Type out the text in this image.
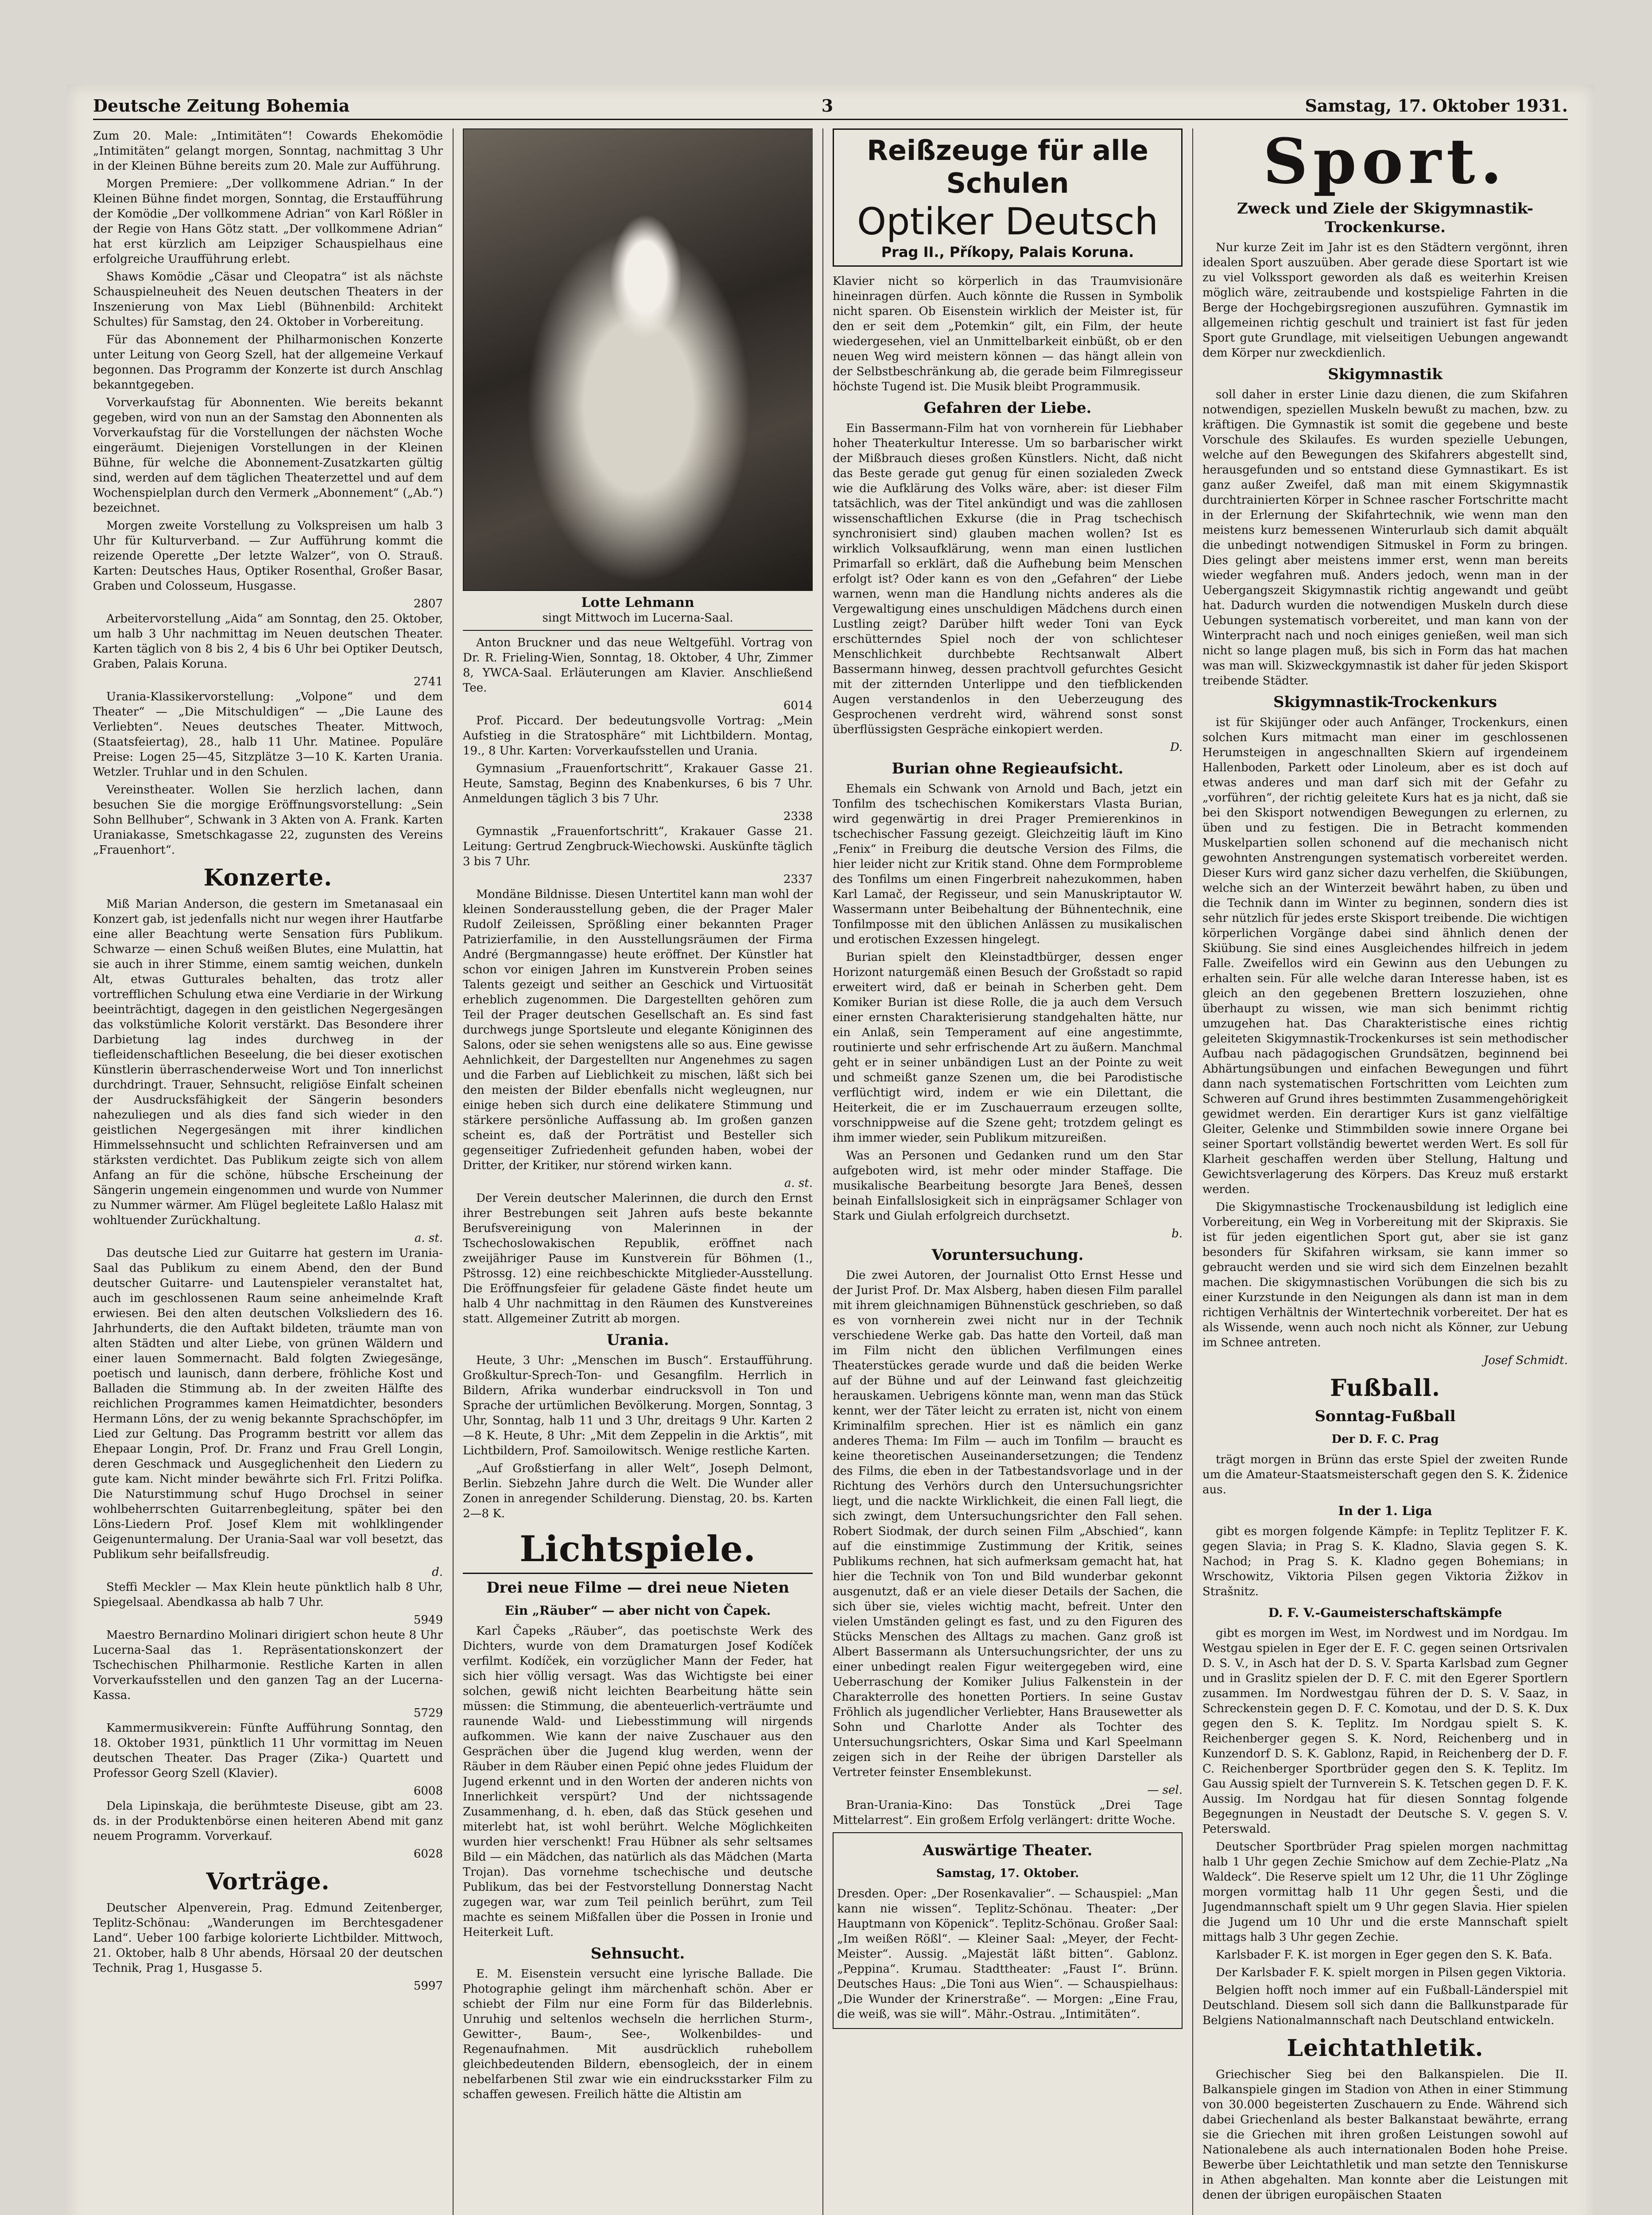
Deutsche Zeitung Bohemia	3	Samstag, 17. Oktober 1931.

Zum 20. Male: „Intimitäten“! Cowards Ehekomödie „Intimitäten“ gelangt morgen, Sonntag, nachmittag 3 Uhr in der Kleinen Bühne bereits zum 20. Male zur Aufführung.

Morgen Premiere: „Der vollkommene Adrian.“ In der Kleinen Bühne findet morgen, Sonntag, die Erstaufführung der Komödie „Der vollkommene Adrian“ von Karl Rößler in der Regie von Hans Götz statt. „Der vollkommene Adrian“ hat erst kürzlich am Leipziger Schauspielhaus eine erfolgreiche Uraufführung erlebt.

Shaws Komödie „Cäsar und Cleopatra“ ist als nächste Schauspielneuheit des Neuen deutschen Theaters in der Inszenierung von Max Liebl (Bühnenbild: Architekt Schultes) für Samstag, den 24. Oktober in Vorbereitung.

Für das Abonnement der Philharmonischen Konzerte unter Leitung von Georg Szell, hat der allgemeine Verkauf begonnen. Das Programm der Konzerte ist durch Anschlag bekanntgegeben.

Vorverkaufstag für Abonnenten. Wie bereits bekannt gegeben, wird von nun an der Samstag den Abonnenten als Vorverkaufstag für die Vorstellungen der nächsten Woche eingeräumt. Diejenigen Vorstellungen in der Kleinen Bühne, für welche die Abonnement-Zusatzkarten gültig sind, werden auf dem täglichen Theaterzettel und auf dem Wochenspielplan durch den Vermerk „Abonnement“ („Ab.“) bezeichnet.

Morgen zweite Vorstellung zu Volkspreisen um halb 3 Uhr für Kulturverband. — Zur Aufführung kommt die reizende Operette „Der letzte Walzer“, von O. Strauß. Karten: Deutsches Haus, Optiker Rosenthal, Großer Basar, Graben und Colosseum, Husgasse.

2807

Arbeitervorstellung „Aida“ am Sonntag, den 25. Oktober, um halb 3 Uhr nachmittag im Neuen deutschen Theater. Karten täglich von 8 bis 2, 4 bis 6 Uhr bei Optiker Deutsch, Graben, Palais Koruna.

2741

Urania-Klassikervorstellung: „Volpone“ und dem Theater“ — „Die Mitschuldigen“ — „Die Laune des Verliebten“. Neues deutsches Theater. Mittwoch, (Staatsfeiertag), 28., halb 11 Uhr. Matinee. Populäre Preise: Logen 25—45, Sitzplätze 3—10 K. Karten Urania. Wetzler. Truhlar und in den Schulen.

Vereinstheater. Wollen Sie herzlich lachen, dann besuchen Sie die morgige Eröffnungsvorstellung: „Sein Sohn Bellhuber“, Schwank in 3 Akten von A. Frank. Karten Uraniakasse, Smetschkagasse 22, zugunsten des Vereins „Frauenhort“.

Konzerte.

Miß Marian Anderson, die gestern im Smetanasaal ein Konzert gab, ist jedenfalls nicht nur wegen ihrer Hautfarbe eine aller Beachtung werte Sensation fürs Publikum. Schwarze — einen Schuß weißen Blutes, eine Mulattin, hat sie auch in ihrer Stimme, einem samtig weichen, dunkeln Alt, etwas Gutturales behalten, das trotz aller vortrefflichen Schulung etwa eine Verdiarie in der Wirkung beeinträchtigt, dagegen in den geistlichen Negergesängen das volkstümliche Kolorit verstärkt. Das Besondere ihrer Darbietung lag indes durchweg in der tiefleidenschaftlichen Beseelung, die bei dieser exotischen Künstlerin überraschenderweise Wort und Ton innerlichst durchdringt. Trauer, Sehnsucht, religiöse Einfalt scheinen der Ausdrucksfähigkeit der Sängerin besonders nahezuliegen und als dies fand sich wieder in den geistlichen Negergesängen mit ihrer kindlichen Himmelssehnsucht und schlichten Refrainversen und am stärksten verdichtet. Das Publikum zeigte sich von allem Anfang an für die schöne, hübsche Erscheinung der Sängerin ungemein eingenommen und wurde von Nummer zu Nummer wärmer. Am Flügel begleitete Laßlo Halasz mit wohltuender Zurückhaltung.

a. st.

Das deutsche Lied zur Guitarre hat gestern im Urania-Saal das Publikum zu einem Abend, den der Bund deutscher Guitarre- und Lautenspieler veranstaltet hat, auch im geschlossenen Raum seine anheimelnde Kraft erwiesen. Bei den alten deutschen Volksliedern des 16. Jahrhunderts, die den Auftakt bildeten, träumte man von alten Städten und alter Liebe, von grünen Wäldern und einer lauen Sommernacht. Bald folgten Zwiegesänge, poetisch und launisch, dann derbere, fröhliche Kost und Balladen die Stimmung ab. In der zweiten Hälfte des reichlichen Programmes kamen Heimatdichter, besonders Hermann Löns, der zu wenig bekannte Sprachschöpfer, im Lied zur Geltung. Das Programm bestritt vor allem das Ehepaar Longin, Prof. Dr. Franz und Frau Grell Longin, deren Geschmack und Ausgeglichenheit den Liedern zu gute kam. Nicht minder bewährte sich Frl. Fritzi Polifka. Die Naturstimmung schuf Hugo Drochsel in seiner wohlbeherrschten Guitarrenbegleitung, später bei den Löns-Liedern Prof. Josef Klem mit wohlklingender Geigenuntermalung. Der Urania-Saal war voll besetzt, das Publikum sehr beifallsfreudig.

d.

Steffi Meckler — Max Klein heute pünktlich halb 8 Uhr, Spiegelsaal. Abendkassa ab halb 7 Uhr.

5949

Maestro Bernardino Molinari dirigiert schon heute 8 Uhr Lucerna-Saal das 1. Repräsentationskonzert der Tschechischen Philharmonie. Restliche Karten in allen Vorverkaufsstellen und den ganzen Tag an der Lucerna-Kassa.

5729

Kammermusikverein: Fünfte Aufführung Sonntag, den 18. Oktober 1931, pünktlich 11 Uhr vormittag im Neuen deutschen Theater. Das Prager (Zika-) Quartett und Professor Georg Szell (Klavier).

6008

Dela Lipinskaja, die berühmteste Diseuse, gibt am 23. ds. in der Produktenbörse einen heiteren Abend mit ganz neuem Programm. Vorverkauf.

6028
Vorträge.

Deutscher Alpenverein, Prag. Edmund Zeitenberger, Teplitz-Schönau: „Wanderungen im Berchtesgadener Land“. Ueber 100 farbige kolorierte Lichtbilder. Mittwoch, 21. Oktober, halb 8 Uhr abends, Hörsaal 20 der deutschen Technik, Prag 1, Husgasse 5.

5997
Lotte Lehmann
singt Mittwoch im Lucerna-Saal.

Anton Bruckner und das neue Weltgefühl. Vortrag von Dr. R. Frieling-Wien, Sonntag, 18. Oktober, 4 Uhr, Zimmer 8, YWCA-Saal. Erläuterungen am Klavier. Anschließend Tee.

6014

Prof. Piccard. Der bedeutungsvolle Vortrag: „Mein Aufstieg in die Stratosphäre“ mit Lichtbildern. Montag, 19., 8 Uhr. Karten: Vorverkaufsstellen und Urania.

Gymnasium „Frauenfortschritt“, Krakauer Gasse 21. Heute, Samstag, Beginn des Knabenkurses, 6 bis 7 Uhr. Anmeldungen täglich 3 bis 7 Uhr.

2338

Gymnastik „Frauenfortschritt“, Krakauer Gasse 21. Leitung: Gertrud Zengbruck-Wiechowski. Auskünfte täglich 3 bis 7 Uhr.

2337

Mondäne Bildnisse. Diesen Untertitel kann man wohl der kleinen Sonderausstellung geben, die der Prager Maler Rudolf Zeileissen, Sprößling einer bekannten Prager Patrizierfamilie, in den Ausstellungsräumen der Firma André (Bergmanngasse) heute eröffnet. Der Künstler hat schon vor einigen Jahren im Kunstverein Proben seines Talents gezeigt und seither an Geschick und Virtuosität erheblich zugenommen. Die Dargestellten gehören zum Teil der Prager deutschen Gesellschaft an. Es sind fast durchwegs junge Sportsleute und elegante Königinnen des Salons, oder sie sehen wenigstens alle so aus. Eine gewisse Aehnlichkeit, der Dargestellten nur Angenehmes zu sagen und die Farben auf Lieblichkeit zu mischen, läßt sich bei den meisten der Bilder ebenfalls nicht wegleugnen, nur einige heben sich durch eine delikatere Stimmung und stärkere persönliche Auffassung ab. Im großen ganzen scheint es, daß der Porträtist und Besteller sich gegenseitiger Zufriedenheit gefunden haben, wobei der Dritter, der Kritiker, nur störend wirken kann.

a. st.

Der Verein deutscher Malerinnen, die durch den Ernst ihrer Bestrebungen seit Jahren aufs beste bekannte Berufsvereinigung von Malerinnen in der Tschechoslowakischen Republik, eröffnet nach zweijähriger Pause im Kunstverein für Böhmen (1., Pštrossg. 12) eine reichbeschickte Mitglieder-Ausstellung. Die Eröffnungsfeier für geladene Gäste findet heute um halb 4 Uhr nachmittag in den Räumen des Kunstvereines statt. Allgemeiner Zutritt ab morgen.

Urania.

Heute, 3 Uhr: „Menschen im Busch“. Erstaufführung. Großkultur-Sprech-Ton- und Gesangfilm. Herrlich in Bildern, Afrika wunderbar eindrucksvoll in Ton und Sprache der urtümlichen Bevölkerung. Morgen, Sonntag, 3 Uhr, Sonntag, halb 11 und 3 Uhr, dreitags 9 Uhr. Karten 2—8 K. Heute, 8 Uhr: „Mit dem Zeppelin in die Arktis“, mit Lichtbildern, Prof. Samoilowitsch. Wenige restliche Karten.

„Auf Großstierfang in aller Welt“, Joseph Delmont, Berlin. Siebzehn Jahre durch die Welt. Die Wunder aller Zonen in anregender Schilderung. Dienstag, 20. bs. Karten 2—8 K.

Lichtspiele.
Drei neue Filme — drei neue Nieten
Ein „Räuber“ — aber nicht von Čapek.

Karl Čapeks „Räuber“, das poetischste Werk des Dichters, wurde von dem Dramaturgen Josef Kodíček verfilmt. Kodíček, ein vorzüglicher Mann der Feder, hat sich hier völlig versagt. Was das Wichtigste bei einer solchen, gewiß nicht leichten Bearbeitung hätte sein müssen: die Stimmung, die abenteuerlich-verträumte und raunende Wald- und Liebesstimmung will nirgends aufkommen. Wie kann der naive Zuschauer aus den Gesprächen über die Jugend klug werden, wenn der Räuber in dem Räuber einen Pepić ohne jedes Fluidum der Jugend erkennt und in den Worten der anderen nichts von Innerlichkeit verspürt? Und der nichtssagende Zusammenhang, d. h. eben, daß das Stück gesehen und miterlebt hat, ist wohl berührt. Welche Möglichkeiten wurden hier verschenkt! Frau Hübner als sehr seltsames Bild — ein Mädchen, das natürlich als das Mädchen (Marta Trojan). Das vornehme tschechische und deutsche Publikum, das bei der Festvorstellung Donnerstag Nacht zugegen war, war zum Teil peinlich berührt, zum Teil machte es seinem Mißfallen über die Possen in Ironie und Heiterkeit Luft.

Sehnsucht.

E. M. Eisenstein versucht eine lyrische Ballade. Die Photographie gelingt ihm märchenhaft schön. Aber er schiebt der Film nur eine Form für das Bilderlebnis. Unruhig und seltenlos wechseln die herrlichen Sturm-, Gewitter-, Baum-, See-, Wolkenbildes- und Regenaufnahmen. Mit ausdrücklich ruhebollem gleichbedeutenden Bildern, ebensogleich, der in einem nebelfarbenen Stil zwar wie ein eindrucksstarker Film zu schaffen gewesen. Freilich hätte die Altistin am

Reißzeuge für alle Schulen
Optiker Deutsch
Prag II., Příkopy, Palais Koruna.

Klavier nicht so körperlich in das Traumvisionäre hineinragen dürfen. Auch könnte die Russen in Symbolik nicht sparen. Ob Eisenstein wirklich der Meister ist, für den er seit dem „Potemkin“ gilt, ein Film, der heute wiedergesehen, viel an Unmittelbarkeit einbüßt, ob er den neuen Weg wird meistern können — das hängt allein von der Selbstbeschränkung ab, die gerade beim Filmregisseur höchste Tugend ist. Die Musik bleibt Programmusik.

Gefahren der Liebe.

Ein Bassermann-Film hat von vornherein für Liebhaber hoher Theaterkultur Interesse. Um so barbarischer wirkt der Mißbrauch dieses großen Künstlers. Nicht, daß nicht das Beste gerade gut genug für einen sozialeden Zweck wie die Aufklärung des Volks wäre, aber: ist dieser Film tatsächlich, was der Titel ankündigt und was die zahllosen wissenschaftlichen Exkurse (die in Prag tschechisch synchronisiert sind) glauben machen wollen? Ist es wirklich Volksaufklärung, wenn man einen lustlichen Primarfall so erklärt, daß die Aufhebung beim Menschen erfolgt ist? Oder kann es von den „Gefahren“ der Liebe warnen, wenn man die Handlung nichts anderes als die Vergewaltigung eines unschuldigen Mädchens durch einen Lustling zeigt? Darüber hilft weder Toni van Eyck erschütterndes Spiel noch der von schlichteser Menschlichkeit durchbebte Rechtsanwalt Albert Bassermann hinweg, dessen prachtvoll gefurchtes Gesicht mit der zitternden Unterlippe und den tiefblickenden Augen verstandenlos in den Ueberzeugung des Gesprochenen verdreht wird, während sonst sonst überflüssigsten Gespräche einkopiert werden.

D.
Burian ohne Regieaufsicht.

Ehemals ein Schwank von Arnold und Bach, jetzt ein Tonfilm des tschechischen Komikerstars Vlasta Burian, wird gegenwärtig in drei Prager Premierenkinos in tschechischer Fassung gezeigt. Gleichzeitig läuft im Kino „Fenix“ in Freiburg die deutsche Version des Films, die hier leider nicht zur Kritik stand. Ohne dem Formprobleme des Tonfilms um einen Fingerbreit nahezukommen, haben Karl Lamač, der Regisseur, und sein Manuskriptautor W. Wassermann unter Beibehaltung der Bühnentechnik, eine Tonfilmposse mit den üblichen Anlässen zu musikalischen und erotischen Exzessen hingelegt.

Burian spielt den Kleinstadtbürger, dessen enger Horizont naturgemäß einen Besuch der Großstadt so rapid erweitert wird, daß er beinah in Scherben geht. Dem Komiker Burian ist diese Rolle, die ja auch dem Versuch einer ernsten Charakterisierung standgehalten hätte, nur ein Anlaß, sein Temperament auf eine angestimmte, routinierte und sehr erfrischende Art zu äußern. Manchmal geht er in seiner unbändigen Lust an der Pointe zu weit und schmeißt ganze Szenen um, die bei Parodistische verflüchtigt wird, indem er wie ein Dilettant, die Heiterkeit, die er im Zuschauerraum erzeugen sollte, vorschnippweise auf die Szene geht; trotzdem gelingt es ihm immer wieder, sein Publikum mitzureißen.

Was an Personen und Gedanken rund um den Star aufgeboten wird, ist mehr oder minder Staffage. Die musikalische Bearbeitung besorgte Jara Beneš, dessen beinah Einfallslosigkeit sich in einprägsamer Schlager von Stark und Giulah erfolgreich durchsetzt.

b.
Voruntersuchung.

Die zwei Autoren, der Journalist Otto Ernst Hesse und der Jurist Prof. Dr. Max Alsberg, haben diesen Film parallel mit ihrem gleichnamigen Bühnenstück geschrieben, so daß es von vornherein zwei nicht nur in der Technik verschiedene Werke gab. Das hatte den Vorteil, daß man im Film nicht den üblichen Verfilmungen eines Theaterstückes gerade wurde und daß die beiden Werke auf der Bühne und auf der Leinwand fast gleichzeitig herauskamen. Uebrigens könnte man, wenn man das Stück kennt, wer der Täter leicht zu erraten ist, nicht von einem Kriminalfilm sprechen. Hier ist es nämlich ein ganz anderes Thema: Im Film — auch im Tonfilm — braucht es keine theoretischen Auseinandersetzungen; die Tendenz des Films, die eben in der Tatbestandsvorlage und in der Richtung des Verhörs durch den Untersuchungsrichter liegt, und die nackte Wirklichkeit, die einen Fall liegt, die sich zwingt, dem Untersuchungsrichter den Fall sehen. Robert Siodmak, der durch seinen Film „Abschied“, kann auf die einstimmige Zustimmung der Kritik, seines Publikums rechnen, hat sich aufmerksam gemacht hat, hat hier die Technik von Ton und Bild wunderbar gekonnt ausgenutzt, daß er an viele dieser Details der Sachen, die sich über sie, vieles wichtig macht, befreit. Unter den vielen Umständen gelingt es fast, und zu den Figuren des Stücks Menschen des Alltags zu machen. Ganz groß ist Albert Bassermann als Untersuchungsrichter, der uns zu einer unbedingt realen Figur weitergegeben wird, eine Ueberraschung der Komiker Julius Falkenstein in der Charakterrolle des honetten Portiers. In seine Gustav Fröhlich als jugendlicher Verliebter, Hans Brausewetter als Sohn und Charlotte Ander als Tochter des Untersuchungsrichters, Oskar Sima und Karl Speelmann zeigen sich in der Reihe der übrigen Darsteller als Vertreter feinster Ensemblekunst.

— sel.

Bran-Urania-Kino: Das Tonstück „Drei Tage Mittelarrest“. Ein großem Erfolg verlängert: dritte Woche.

Auswärtige Theater.
Samstag, 17. Oktober.

Dresden. Oper: „Der Rosenkavalier“. — Schauspiel: „Man kann nie wissen“. Teplitz-Schönau. Theater: „Der Hauptmann von Köpenick“. Teplitz-Schönau. Großer Saal: „Im weißen Rößl“. — Kleiner Saal: „Meyer, der Fecht-Meister“. Aussig. „Majestät läßt bitten“. Gablonz. „Peppina“. Krumau. Stadttheater: „Faust I“. Brünn. Deutsches Haus: „Die Toni aus Wien“. — Schauspielhaus: „Die Wunder der Krinerstraße“. — Morgen: „Eine Frau, die weiß, was sie will“. Mähr.-Ostrau. „Intimitäten“.

Sport.
Zweck und Ziele der Skigymnastik-Trockenkurse.

Nur kurze Zeit im Jahr ist es den Städtern vergönnt, ihren idealen Sport auszuüben. Aber gerade diese Sportart ist wie zu viel Volkssport geworden als daß es weiterhin Kreisen möglich wäre, zeitraubende und kostspielige Fahrten in die Berge der Hochgebirgsregionen auszuführen. Gymnastik im allgemeinen richtig geschult und trainiert ist fast für jeden Sport gute Grundlage, mit vielseitigen Uebungen angewandt dem Körper nur zweckdienlich.

Skigymnastik

soll daher in erster Linie dazu dienen, die zum Skifahren notwendigen, speziellen Muskeln bewußt zu machen, bzw. zu kräftigen. Die Gymnastik ist somit die gegebene und beste Vorschule des Skilaufes. Es wurden spezielle Uebungen, welche auf den Bewegungen des Skifahrers abgestellt sind, herausgefunden und so entstand diese Gymnastikart. Es ist ganz außer Zweifel, daß man mit einem Skigymnastik durchtrainierten Körper in Schnee rascher Fortschritte macht in der Erlernung der Skifahrtechnik, wie wenn man den meistens kurz bemessenen Winterurlaub sich damit abquält die unbedingt notwendigen Sitmuskel in Form zu bringen. Dies gelingt aber meistens immer erst, wenn man bereits wieder wegfahren muß. Anders jedoch, wenn man in der Uebergangszeit Skigymnastik richtig angewandt und geübt hat. Dadurch wurden die notwendigen Muskeln durch diese Uebungen systematisch vorbereitet, und man kann von der Winterpracht nach und noch einiges genießen, weil man sich nicht so lange plagen muß, bis sich in Form das hat machen was man will. Skizweckgymnastik ist daher für jeden Skisport treibende Städter.

Skigymnastik-Trockenkurs

ist für Skijünger oder auch Anfänger, Trockenkurs, einen solchen Kurs mitmacht man einer im geschlossenen Herumsteigen in angeschnallten Skiern auf irgendeinem Hallenboden, Parkett oder Linoleum, aber es ist doch auf etwas anderes und man darf sich mit der Gefahr zu „vorführen“, der richtig geleitete Kurs hat es ja nicht, daß sie bei den Skisport notwendigen Bewegungen zu erlernen, zu üben und zu festigen. Die in Betracht kommenden Muskelpartien sollen schonend auf die mechanisch nicht gewohnten Anstrengungen systematisch vorbereitet werden. Dieser Kurs wird ganz sicher dazu verhelfen, die Skiübungen, welche sich an der Winterzeit bewährt haben, zu üben und die Technik dann im Winter zu beginnen, sondern dies ist sehr nützlich für jedes erste Skisport treibende. Die wichtigen körperlichen Vorgänge dabei sind ähnlich denen der Skiübung. Sie sind eines Ausgleichendes hilfreich in jedem Falle. Zweifellos wird ein Gewinn aus den Uebungen zu erhalten sein. Für alle welche daran Interesse haben, ist es gleich an den gegebenen Brettern loszuziehen, ohne überhaupt zu wissen, wie man sich benimmt richtig umzugehen hat. Das Charakteristische eines richtig geleiteten Skigymnastik-Trockenkurses ist sein methodischer Aufbau nach pädagogischen Grundsätzen, beginnend bei Abhärtungsübungen und einfachen Bewegungen und führt dann nach systematischen Fortschritten vom Leichten zum Schweren auf Grund ihres bestimmten Zusammengehörigkeit gewidmet werden. Ein derartiger Kurs ist ganz vielfältige Gleiter, Gelenke und Stimmbilden sowie innere Organe bei seiner Sportart vollständig bewertet werden Wert. Es soll für Klarheit geschaffen werden über Stellung, Haltung und Gewichtsverlagerung des Körpers. Das Kreuz muß erstarkt werden.

Die Skigymnastische Trockenausbildung ist lediglich eine Vorbereitung, ein Weg in Vorbereitung mit der Skipraxis. Sie ist für jeden eigentlichen Sport gut, aber sie ist ganz besonders für Skifahren wirksam, sie kann immer so gebraucht werden und sie wird sich dem Einzelnen bezahlt machen. Die skigymnastischen Vorübungen die sich bis zu einer Kurzstunde in den Neigungen als dann ist man in dem richtigen Verhältnis der Wintertechnik vorbereitet. Der hat es als Wissende, wenn auch noch nicht als Könner, zur Uebung im Schnee antreten.

Josef Schmidt.
Fußball.
Sonntag-Fußball
Der D. F. C. Prag

trägt morgen in Brünn das erste Spiel der zweiten Runde um die Amateur-Staatsmeisterschaft gegen den S. K. Židenice aus.

In der 1. Liga

gibt es morgen folgende Kämpfe: in Teplitz Teplitzer F. K. gegen Slavia; in Prag S. K. Kladno, Slavia gegen S. K. Nachod; in Prag S. K. Kladno gegen Bohemians; in Wrschowitz, Viktoria Pilsen gegen Viktoria Žižkov in Strašnitz.

D. F. V.-Gaumeisterschaftskämpfe

gibt es morgen im West, im Nordwest und im Nordgau. Im Westgau spielen in Eger der E. F. C. gegen seinen Ortsrivalen D. S. V., in Asch hat der D. S. V. Sparta Karlsbad zum Gegner und in Graslitz spielen der D. F. C. mit den Egerer Sportlern zusammen. Im Nordwestgau führen der D. S. V. Saaz, in Schreckenstein gegen D. F. C. Komotau, und der D. S. K. Dux gegen den S. K. Teplitz. Im Nordgau spielt S. K. Reichenberger gegen S. K. Nord, Reichenberg und in Kunzendorf D. S. K. Gablonz, Rapid, in Reichenberg der D. F. C. Reichenberger Sportbrüder gegen den S. K. Teplitz. Im Gau Aussig spielt der Turnverein S. K. Tetschen gegen D. F. K. Aussig. Im Nordgau hat für diesen Sonntag folgende Begegnungen in Neustadt der Deutsche S. V. gegen S. V. Peterswald.

Deutscher Sportbrüder Prag spielen morgen nachmittag halb 1 Uhr gegen Zechie Smichow auf dem Zechie-Platz „Na Waldeck“. Die Reserve spielt um 12 Uhr, die 11 Uhr Zöglinge morgen vormittag halb 11 Uhr gegen Šesti, und die Jugendmannschaft spielt um 9 Uhr gegen Slavia. Hier spielen die Jugend um 10 Uhr und die erste Mannschaft spielt mittags halb 3 Uhr gegen Zechie.

Karlsbader F. K. ist morgen in Eger gegen den S. K. Baťa.

Der Karlsbader F. K. spielt morgen in Pilsen gegen Viktoria.

Belgien hofft noch immer auf ein Fußball-Länderspiel mit Deutschland. Diesem soll sich dann die Ballkunstparade für Belgiens Nationalmannschaft nach Deutschland entwickeln.

Leichtathletik.

Griechischer Sieg bei den Balkanspielen. Die II. Balkanspiele gingen im Stadion von Athen in einer Stimmung von 30.000 begeisterten Zuschauern zu Ende. Während sich dabei Griechenland als bester Balkanstaat bewährte, errang sie die Griechen mit ihren großen Leistungen sowohl auf Nationalebene als auch internationalen Boden hohe Preise. Bewerbe über Leichtathletik und man setzte den Tenniskurse in Athen abgehalten. Man konnte aber die Leistungen mit denen der übrigen europäischen Staaten
